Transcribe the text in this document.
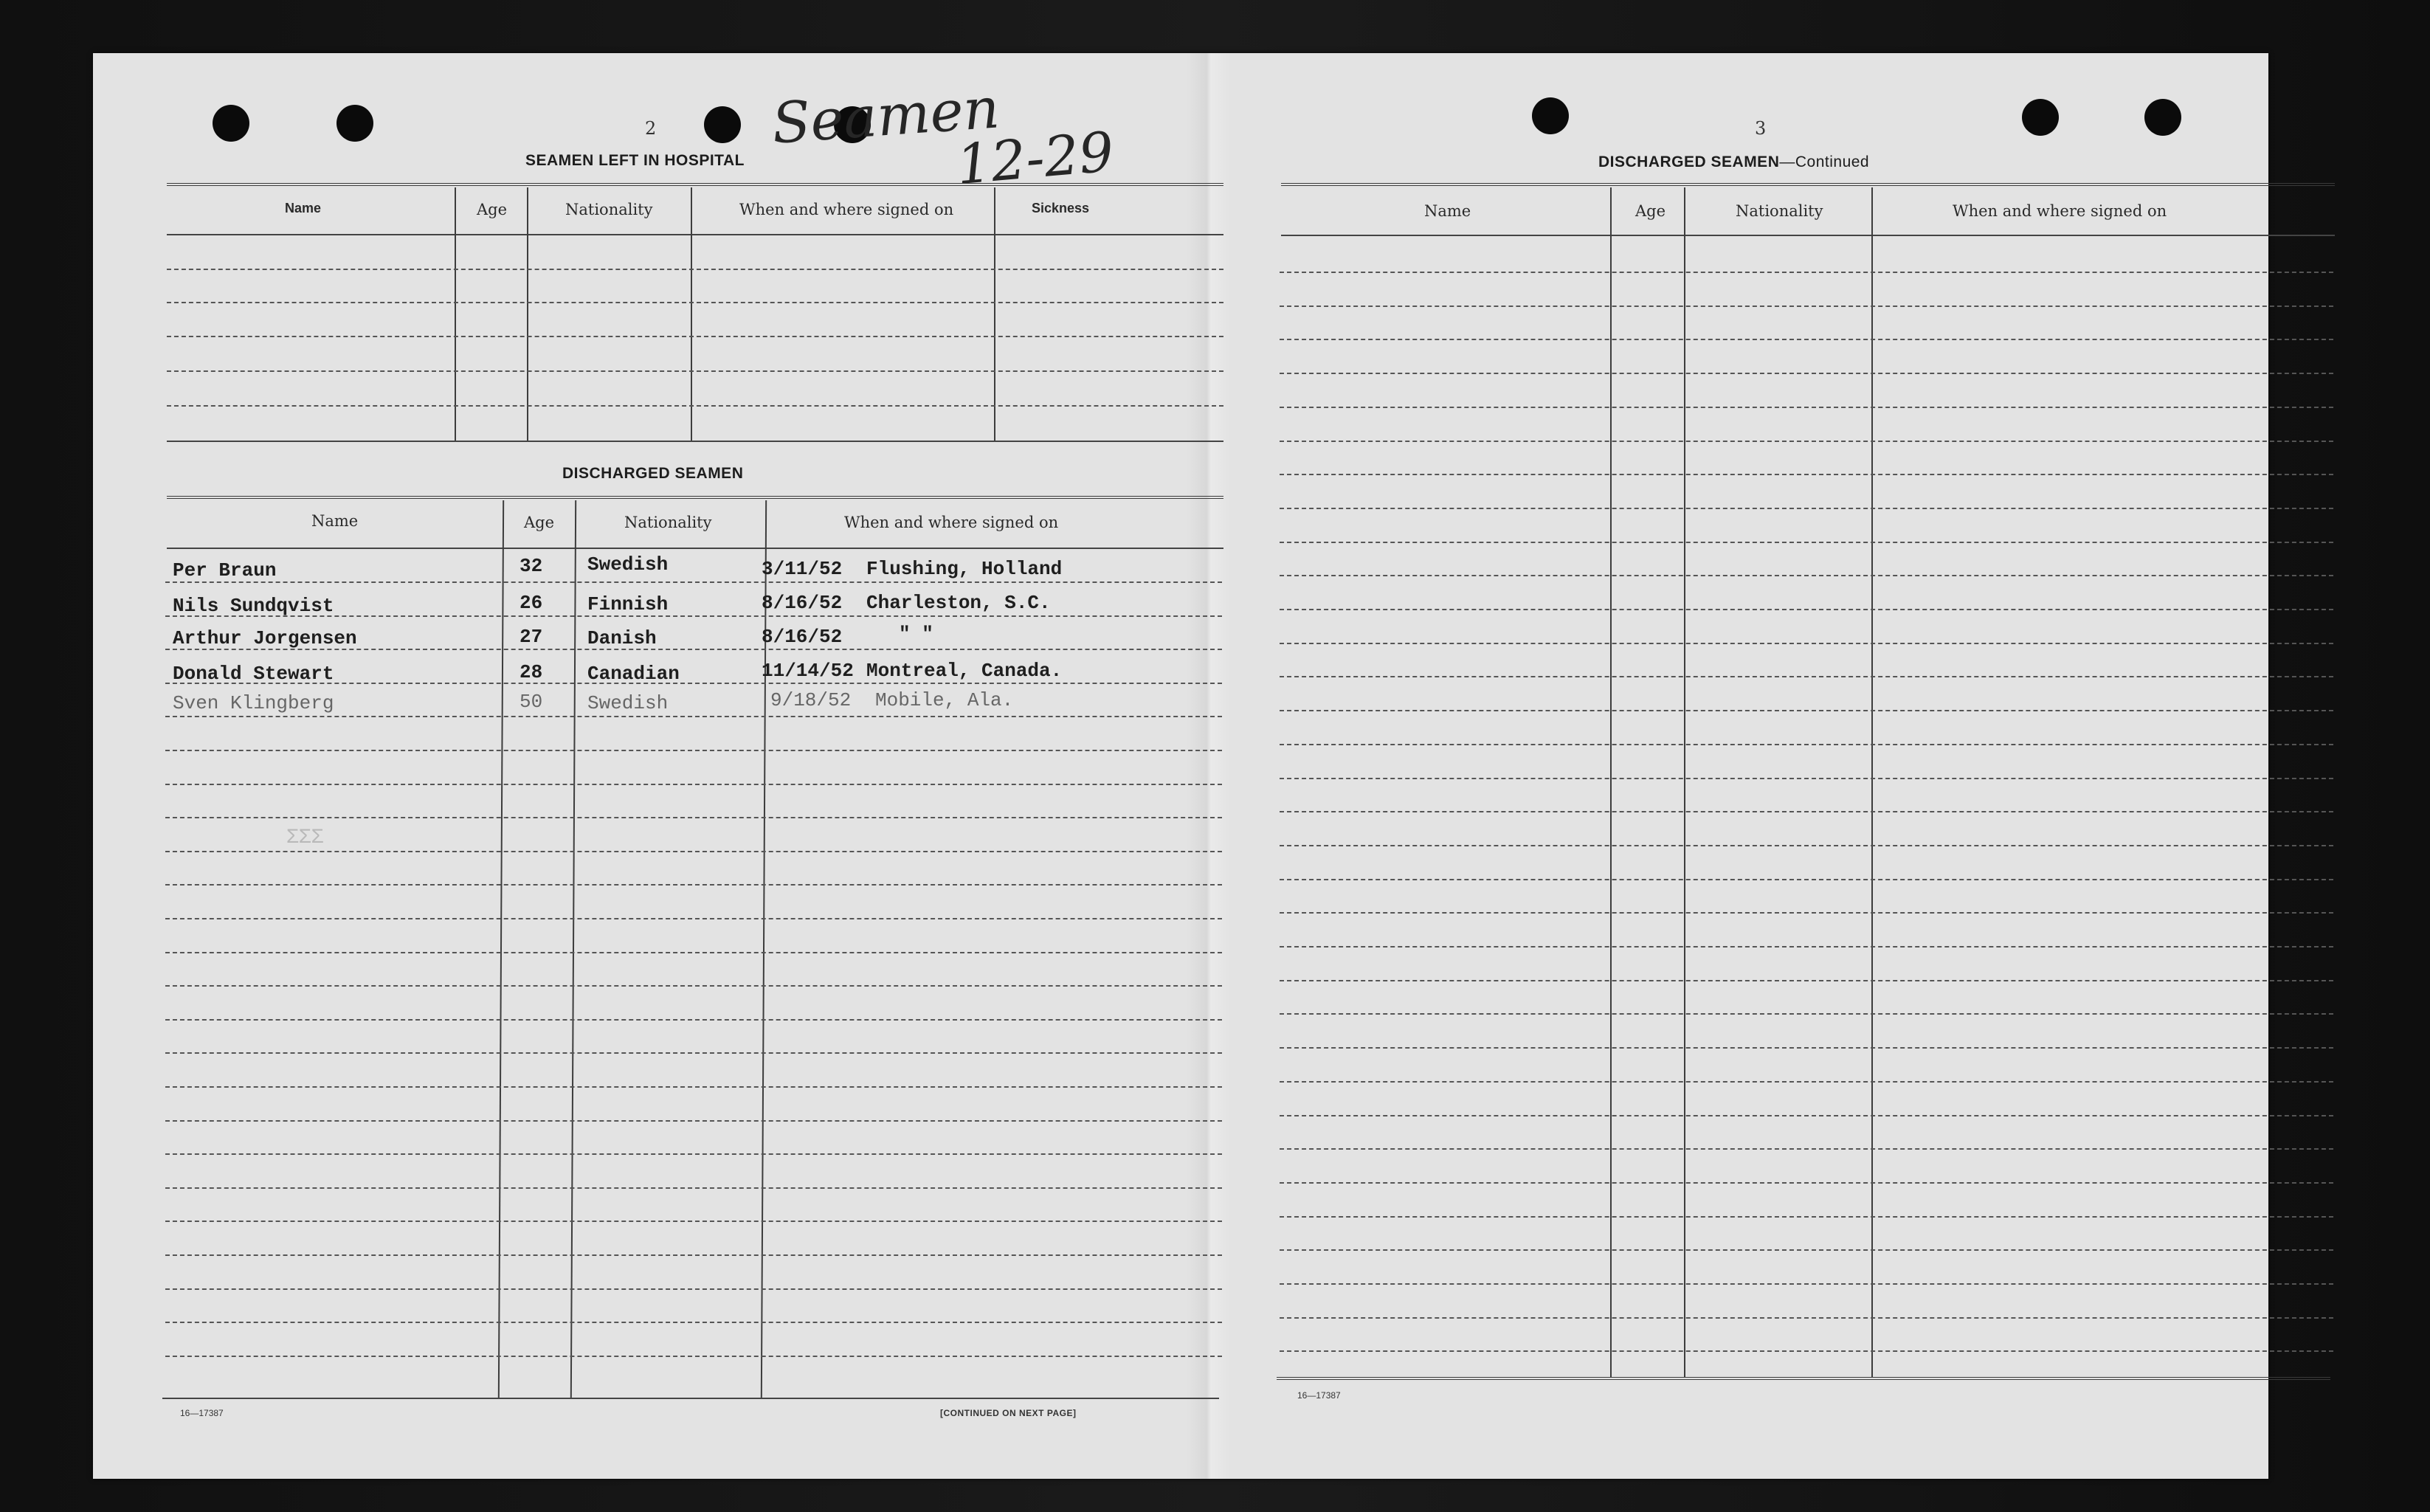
2 Seamen
12-29
SEAMEN LEFT IN HOSPITAL
Name	Age	Nationality	When and where signed on	Sickness
DISCHARGED SEAMEN
Name	Age	Nationality	When and where signed on
Per Braun	32 Swedish	3/11/52 Flushing, Holland
Nils Sundqvist	26 Finnish	8/16/52 Charleston, S.C.
Arthur Jorgensen	27 Danish	8/16/52	" "
Donald Stewart	28 Canadian	11/14/52 Montreal, Canada.
Sven Klingberg	50 Swedish	9/18/52 Mobile, Ala.
ΣΣΣ
16—17387	[CONTINUED ON NEXT PAGE]
3
DISCHARGED SEAMEN—Continued
Name	Age	Nationality	When and where signed on
16—17387
